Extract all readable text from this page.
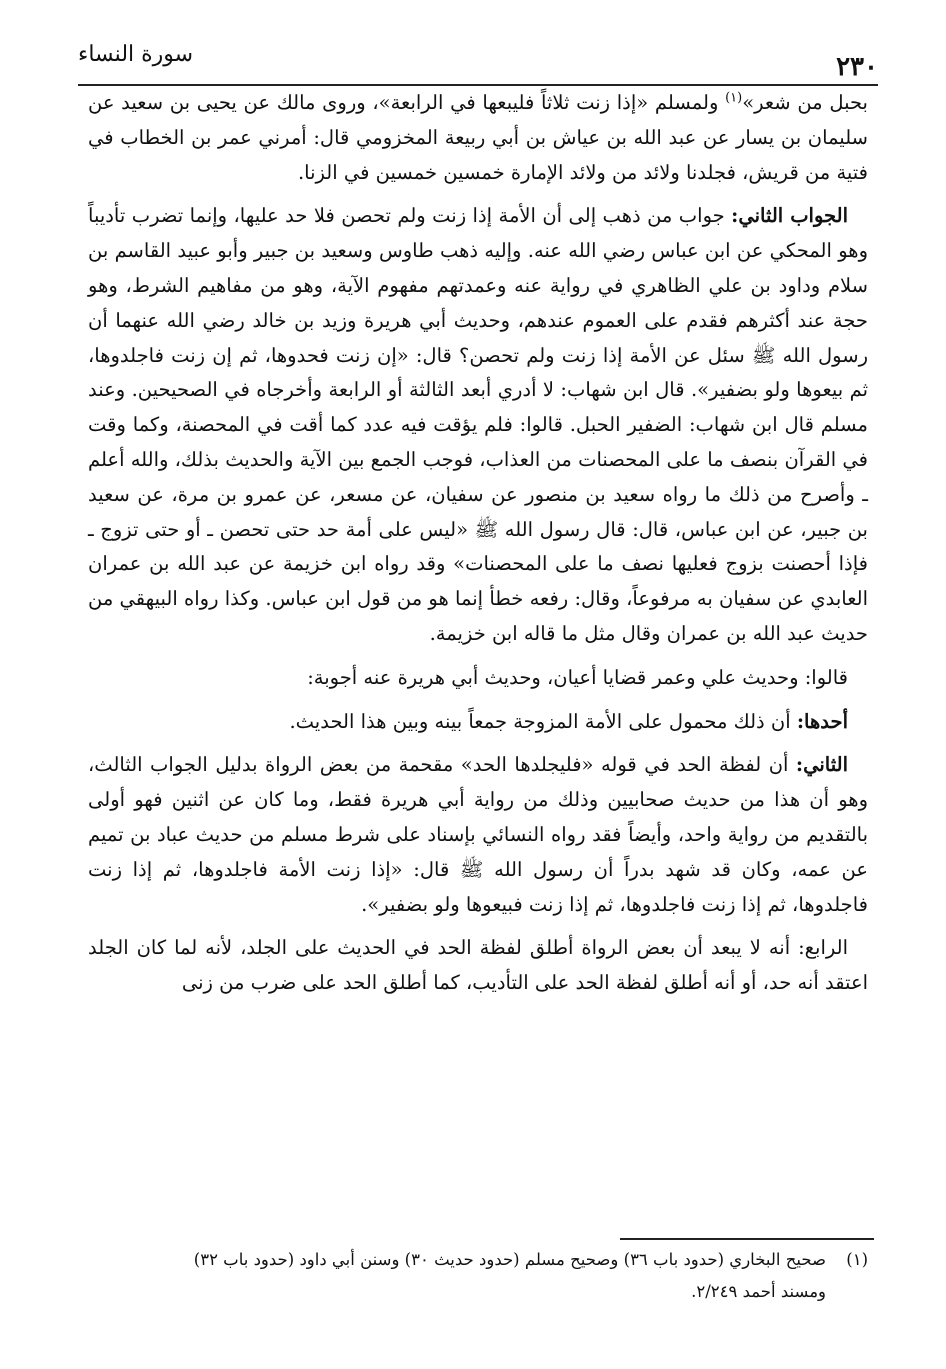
٢٣٠
سورة النساء

بحبل من شعر»$^{(١)}$ ولمسلم «إذا زنت ثلاثاً فليبعها في الرابعة»، وروى مالك عن يحيى بن سعيد عن سليمان بن يسار عن عبد الله بن عياش بن أبي ربيعة المخزومي قال: أمرني عمر بن الخطاب في فتية من قريش، فجلدنا ولائد من ولائد الإمارة خمسين خمسين في الزنا.

الجواب الثاني: جواب من ذهب إلى أن الأمة إذا زنت ولم تحصن فلا حد عليها، وإنما تضرب تأديباً وهو المحكي عن ابن عباس رضي الله عنه. وإليه ذهب طاوس وسعيد بن جبير وأبو عبيد القاسم بن سلام وداود بن علي الظاهري في رواية عنه وعمدتهم مفهوم الآية، وهو من مفاهيم الشرط، وهو حجة عند أكثرهم فقدم على العموم عندهم، وحديث أبي هريرة وزيد بن خالد رضي الله عنهما أن رسول الله ﷺ سئل عن الأمة إذا زنت ولم تحصن؟ قال: «إن زنت فحدوها، ثم إن زنت فاجلدوها، ثم بيعوها ولو بضفير». قال ابن شهاب: لا أدري أبعد الثالثة أو الرابعة وأخرجاه في الصحيحين. وعند مسلم قال ابن شهاب: الضفير الحبل. قالوا: فلم يؤقت فيه عدد كما أقت في المحصنة، وكما وقت في القرآن بنصف ما على المحصنات من العذاب، فوجب الجمع بين الآية والحديث بذلك، والله أعلم ـ وأصرح من ذلك ما رواه سعيد بن منصور عن سفيان، عن مسعر، عن عمرو بن مرة، عن سعيد بن جبير، عن ابن عباس، قال: قال رسول الله ﷺ «ليس على أمة حد حتى تحصن ـ أو حتى تزوج ـ فإذا أحصنت بزوج فعليها نصف ما على المحصنات» وقد رواه ابن خزيمة عن عبد الله بن عمران العابدي عن سفيان به مرفوعاً، وقال: رفعه خطأ إنما هو من قول ابن عباس. وكذا رواه البيهقي من حديث عبد الله بن عمران وقال مثل ما قاله ابن خزيمة.

قالوا: وحديث علي وعمر قضايا أعيان، وحديث أبي هريرة عنه أجوبة:

أحدها: أن ذلك محمول على الأمة المزوجة جمعاً بينه وبين هذا الحديث.

الثاني: أن لفظة الحد في قوله «فليجلدها الحد» مقحمة من بعض الرواة بدليل الجواب الثالث، وهو أن هذا من حديث صحابيين وذلك من رواية أبي هريرة فقط، وما كان عن اثنين فهو أولى بالتقديم من رواية واحد، وأيضاً فقد رواه النسائي بإسناد على شرط مسلم من حديث عباد بن تميم عن عمه، وكان قد شهد بدراً أن رسول الله ﷺ قال: «إذا زنت الأمة فاجلدوها، ثم إذا زنت فاجلدوها، ثم إذا زنت فاجلدوها، ثم إذا زنت فبيعوها ولو بضفير».

الرابع: أنه لا يبعد أن بعض الرواة أطلق لفظة الحد في الحديث على الجلد، لأنه لما كان الجلد اعتقد أنه حد، أو أنه أطلق لفظة الحد على التأديب، كما أطلق الحد على ضرب من زنى

(١)صحيح البخاري (حدود باب ٣٦) وصحيح مسلم (حدود حديث ٣٠) وسنن أبي داود (حدود باب ٣٢)
ومسند أحمد ٢/٢٤٩.
